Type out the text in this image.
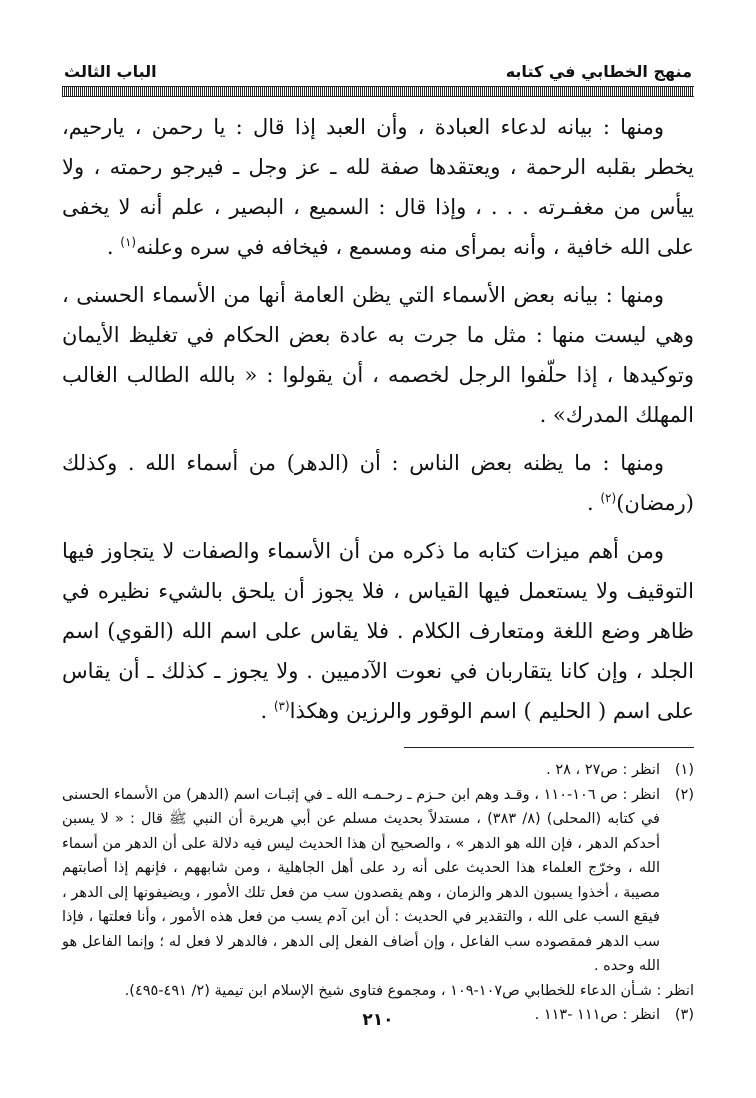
منهج الخطابي في كتابه
الباب الثالث

ومنها : بيانه لدعاء العبادة ، وأن العبد إذا قال : يا رحمن ، يارحيم، يخطر بقلبه الرحمة ، ويعتقدها صفة لله ـ عز وجل ـ فيرجو رحمته ، ولا ييأس من مغفـرته . . . ، وإذا قال : السميع ، البصير ، علم أنه لا يخفى على الله خافية ، وأنه بمرأى منه ومسمع ، فيخافه في سره وعلنه$^{(١)}$ .

ومنها : بيانه بعض الأسماء التي يظن العامة أنها من الأسماء الحسنى ، وهي ليست منها : مثل ما جرت به عادة بعض الحكام في تغليظ الأيمان وتوكيدها ، إذا حلّفوا الرجل لخصمه ، أن يقولوا : « بالله الطالب الغالب المهلك المدرك» .

ومنها : ما يظنه بعض الناس : أن (الدهر) من أسماء الله . وكذلك (رمضان)$^{(٢)}$ .

ومن أهم ميزات كتابه ما ذكره من أن الأسماء والصفات لا يتجاوز فيها التوقيف ولا يستعمل فيها القياس ، فلا يجوز أن يلحق بالشيء نظيره في ظاهر وضع اللغة ومتعارف الكلام . فلا يقاس على اسم الله (القوي) اسم الجلد ، وإن كانا يتقاربان في نعوت الآدميين . ولا يجوز ـ كذلك ـ أن يقاس على اسم ( الحليم ) اسم الوقور والرزين وهكذا$^{(٣)}$ .

(١)

انظر : ص٢٧ ، ٢٨ .

(٢)

انظر : ص ١٠٦-١١٠ ، وقـد وهم ابن حـزم ـ رحـمـه الله ـ في إثبـات اسم (الدهر) من الأسماء الحسنى في كتابه (المحلى) (٨/ ٣٨٣) ، مستدلاً بحديث مسلم عن أبي هريرة أن النبي ﷺ قال : « لا يسبن أحدكم الدهر ، فإن الله هو الدهر » ، والصحيح أن هذا الحديث ليس فيه دلالة على أن الدهر من أسماء الله ، وخرّج العلماء هذا الحديث على أنه رد على أهل الجاهلية ، ومن شابههم ، فإنهم إذا أصابتهم مصيبة ، أخذوا يسبون الدهر والزمان ، وهم يقصدون سب من فعل تلك الأمور ، ويضيفونها إلى الدهر ، فيقع السب على الله ، والتقدير في الحديث : أن ابن آدم يسب من فعل هذه الأمور ، وأنا فعلتها ، فإذا سب الدهر فمقصوده سب الفاعل ، وإن أضاف الفعل إلى الدهر ، فالدهر لا فعل له ؛ وإنما الفاعل هو الله وحده .

انظر : شـأن الدعاء للخطابي ص١٠٧-١٠٩ ، ومجموع فتاوى شيخ الإسلام ابن تيمية (٢/ ٤٩١-٤٩٥).

(٣)

انظر : ص١١١ -١١٣ .

٢١٠
